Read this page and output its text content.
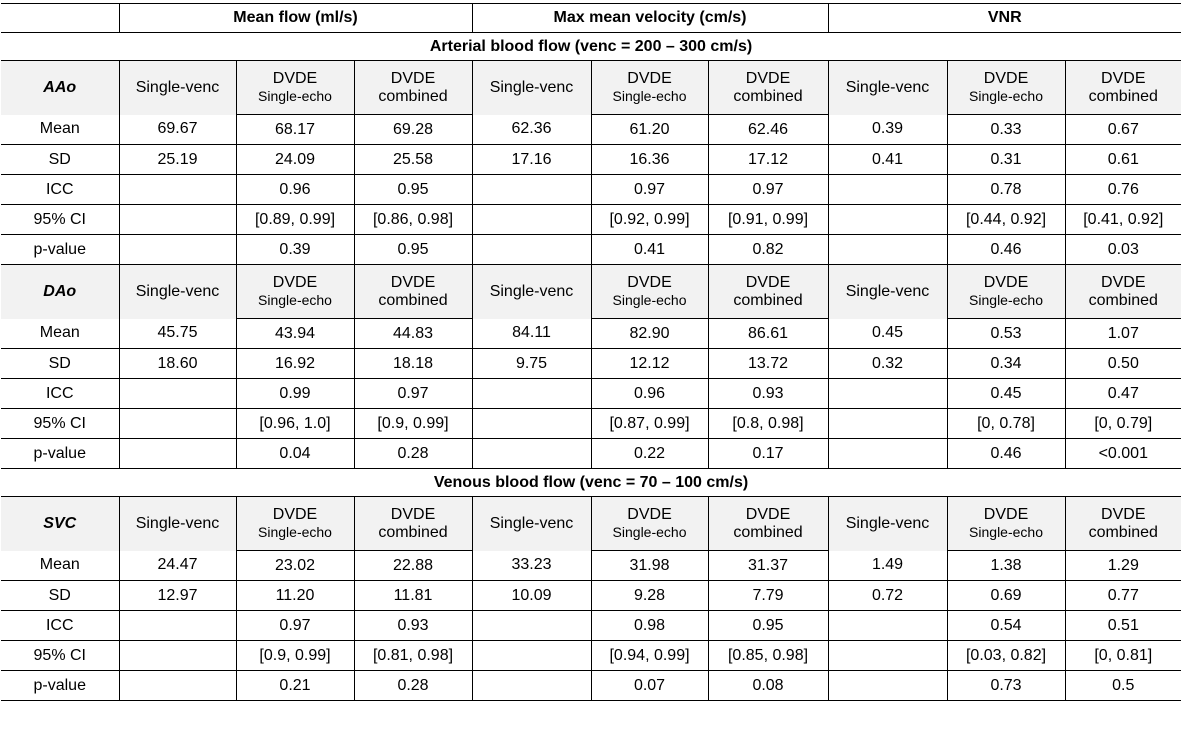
	Mean flow (ml/s)			Max mean velocity (cm/s)			VNR		
Arterial blood flow (venc = 200 – 300 cm/s)									
AAo	Single-venc	DVDE	DVDE	Single-venc	DVDE	DVDE	Single-venc	DVDE	DVDE
		Single-echo	combined		Single-echo	combined		Single-echo	combined
Mean	69.67	68.17	69.28	62.36	61.20	62.46	0.39	0.33	0.67
SD	25.19	24.09	25.58	17.16	16.36	17.12	0.41	0.31	0.61
ICC		0.96	0.95		0.97	0.97		0.78	0.76
95% CI		[0.89, 0.99]	[0.86, 0.98]		[0.92, 0.99]	[0.91, 0.99]		[0.44, 0.92]	[0.41, 0.92]
p-value		0.39	0.95		0.41	0.82		0.46	0.03
DAo	Single-venc	DVDE	DVDE	Single-venc	DVDE	DVDE	Single-venc	DVDE	DVDE
		Single-echo	combined		Single-echo	combined		Single-echo	combined
Mean	45.75	43.94	44.83	84.11	82.90	86.61	0.45	0.53	1.07
SD	18.60	16.92	18.18	9.75	12.12	13.72	0.32	0.34	0.50
ICC		0.99	0.97		0.96	0.93		0.45	0.47
95% CI		[0.96, 1.0]	[0.9, 0.99]		[0.87, 0.99]	[0.8, 0.98]		[0, 0.78]	[0, 0.79]
p-value		0.04	0.28		0.22	0.17		0.46	<0.001
Venous blood flow (venc = 70 – 100 cm/s)									
SVC	Single-venc	DVDE	DVDE	Single-venc	DVDE	DVDE	Single-venc	DVDE	DVDE
		Single-echo	combined		Single-echo	combined		Single-echo	combined
Mean	24.47	23.02	22.88	33.23	31.98	31.37	1.49	1.38	1.29
SD	12.97	11.20	11.81	10.09	9.28	7.79	0.72	0.69	0.77
ICC		0.97	0.93		0.98	0.95		0.54	0.51
95% CI		[0.9, 0.99]	[0.81, 0.98]		[0.94, 0.99]	[0.85, 0.98]		[0.03, 0.82]	[0, 0.81]
p-value		0.21	0.28		0.07	0.08		0.73	0.5
